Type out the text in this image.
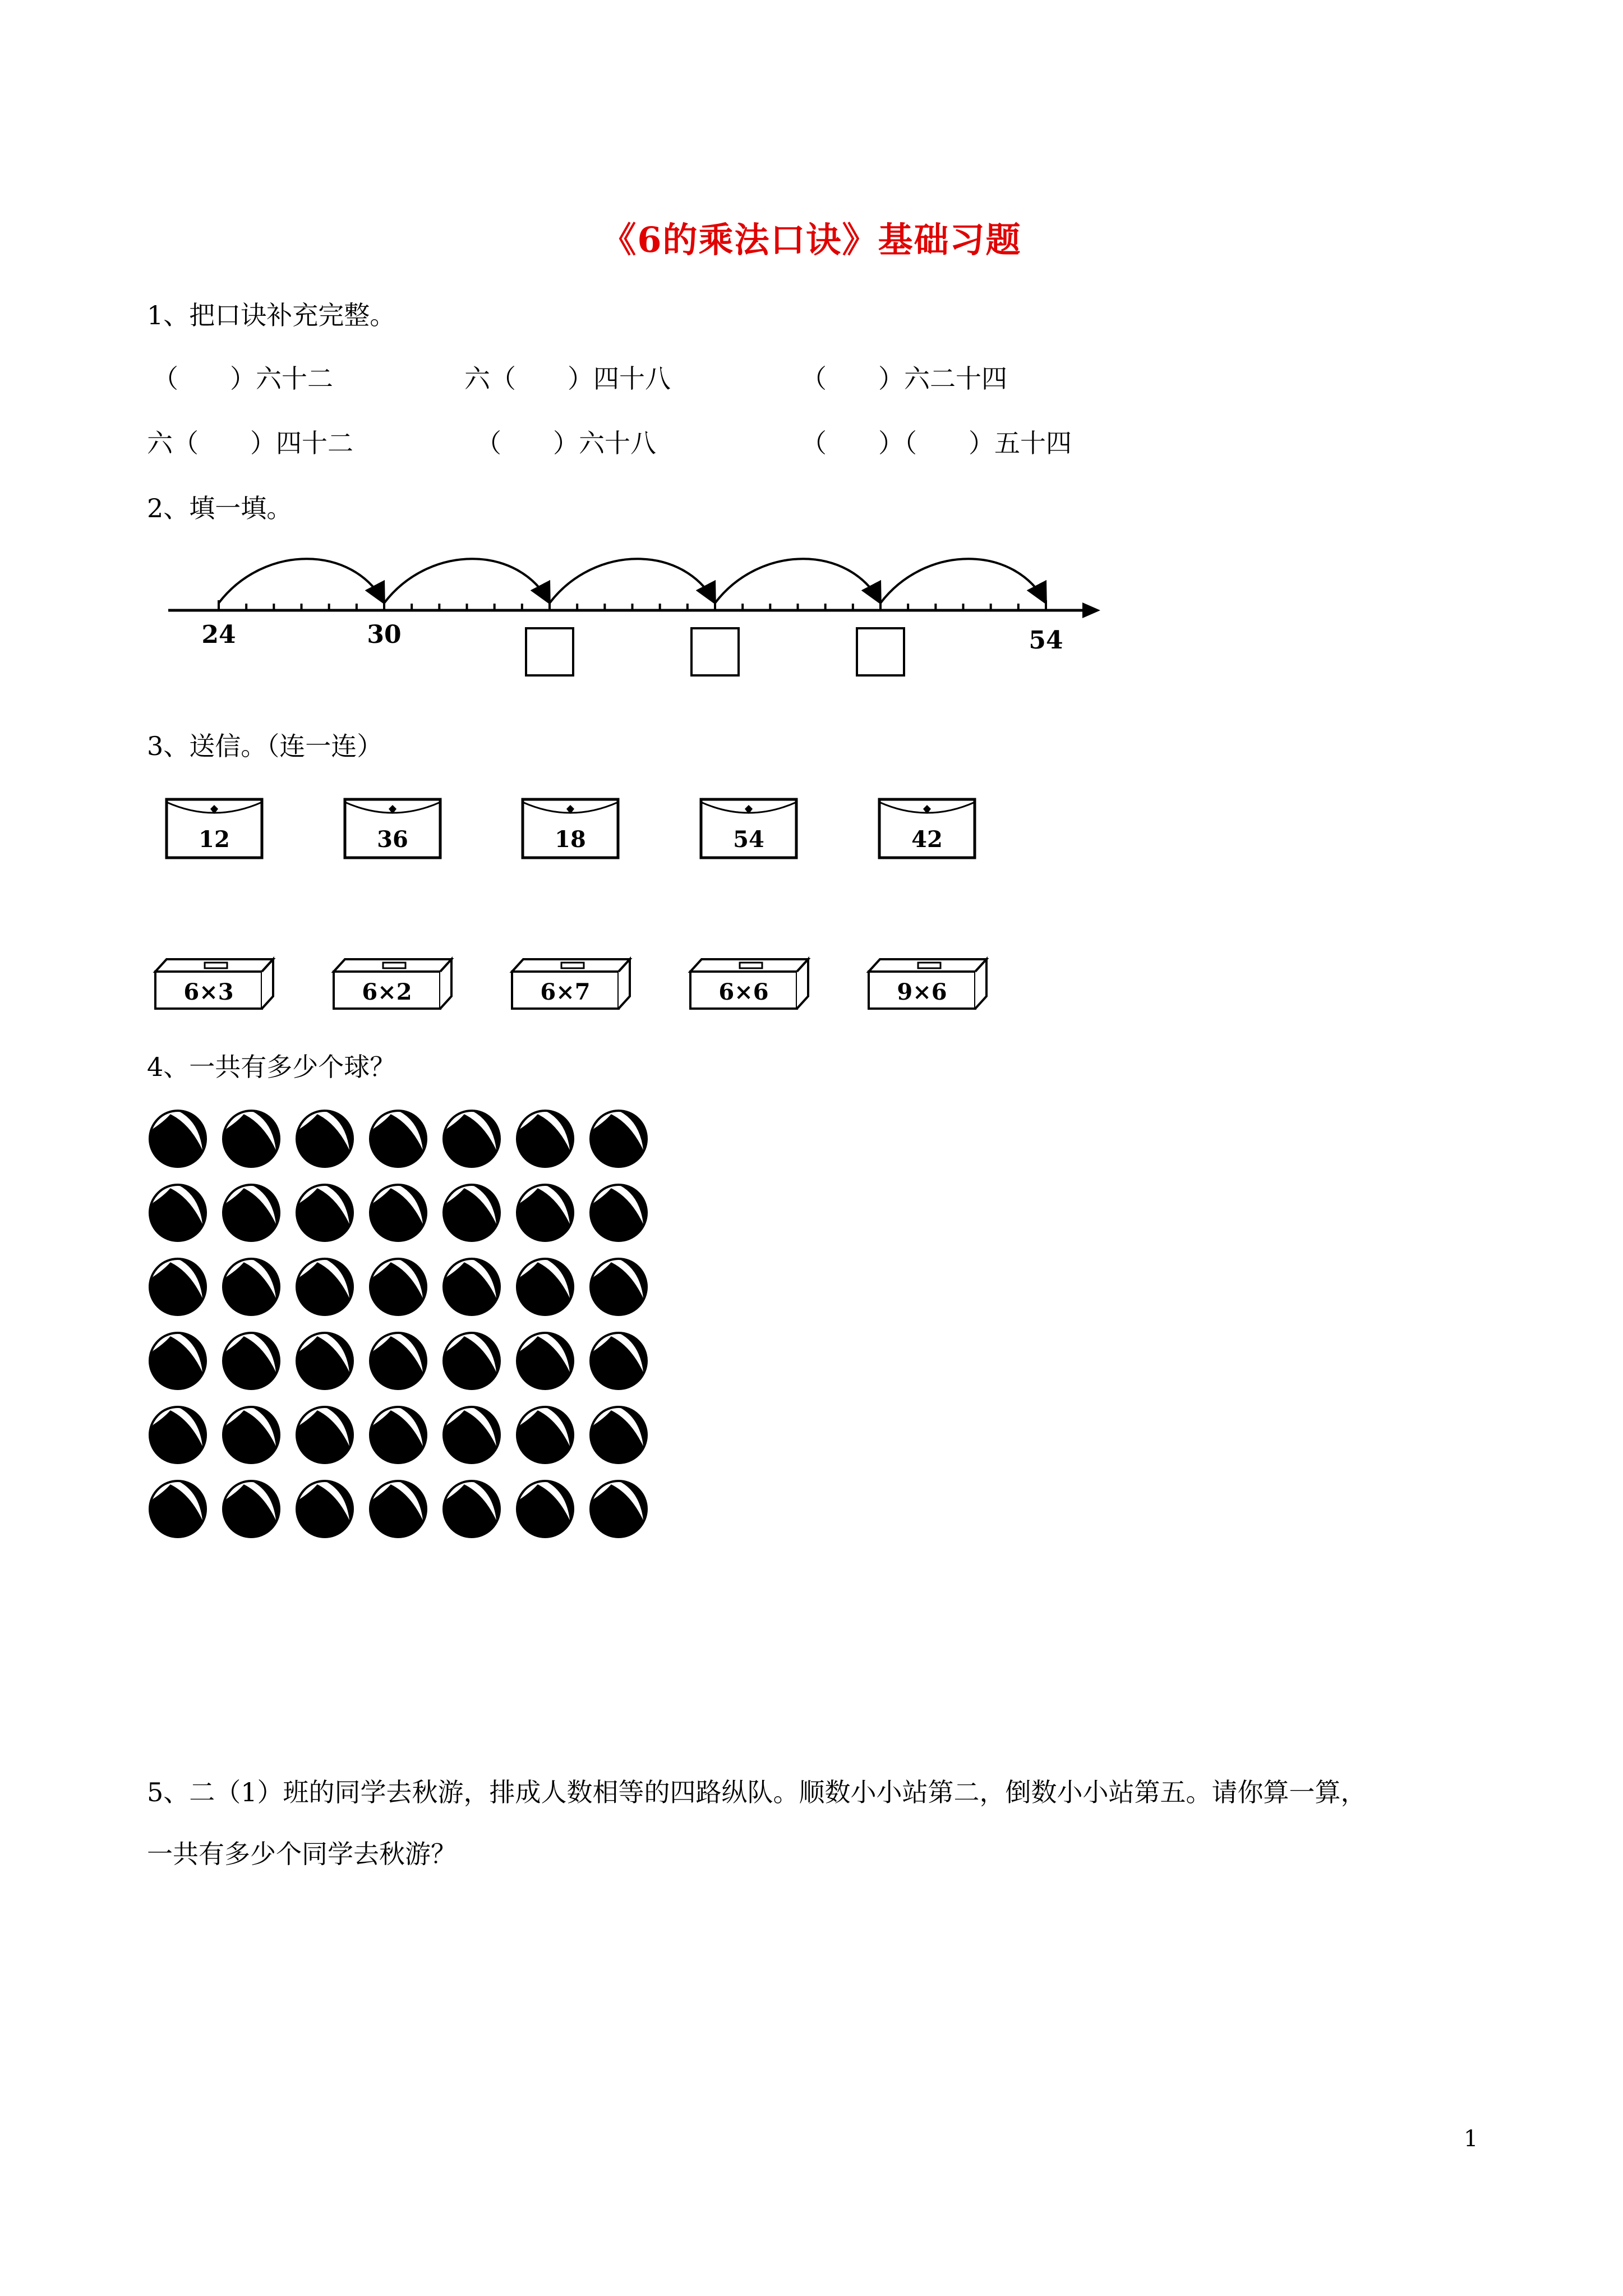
《6的乘法口诀》基础习题
1、把口诀补充完整。
（　　）六十二	六（　　）四十八	（　　）六二十四
六（　　）四十二	（　　）六十八	（　　）（　　）五十四
2、填一填。
24	30	54
3、送信。（连一连）
12	36	18	54	42
6×3	6×2	6×7	6×6	9×6
4、一共有多少个球？
5、二（1）班的同学去秋游，排成人数相等的四路纵队。顺数小小站第二，倒数小小站第五。请你算一算，
一共有多少个同学去秋游？
1
